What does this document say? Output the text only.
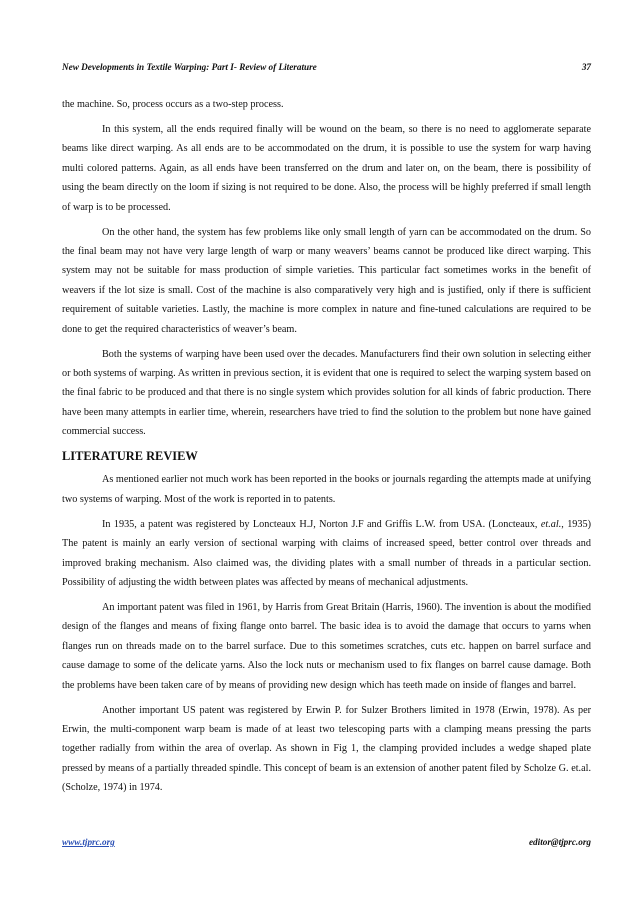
New Developments in Textile Warping: Part I- Review of Literature	37

the machine. So, process occurs as a two-step process.

In this system, all the ends required finally will be wound on the beam, so there is no need to agglomerate separate beams like direct warping. As all ends are to be accommodated on the drum, it is possible to use the system for warp having multi colored patterns. Again, as all ends have been transferred on the drum and later on, on the beam, there is possibility of using the beam directly on the loom if sizing is not required to be done. Also, the process will be highly preferred if small length of warp is to be processed.

On the other hand, the system has few problems like only small length of yarn can be accommodated on the drum. So the final beam may not have very large length of warp or many weavers’ beams cannot be produced like direct warping. This system may not be suitable for mass production of simple varieties. This particular fact sometimes works in the benefit of weavers if the lot size is small. Cost of the machine is also comparatively very high and is justified, only if there is sufficient requirement of suitable varieties. Lastly, the machine is more complex in nature and fine-tuned calculations are required to be done to get the required characteristics of weaver’s beam.

Both the systems of warping have been used over the decades. Manufacturers find their own solution in selecting either or both systems of warping. As written in previous section, it is evident that one is required to select the warping system based on the final fabric to be produced and that there is no single system which provides solution for all kinds of fabric production. There have been many attempts in earlier time, wherein, researchers have tried to find the solution to the problem but none have gained commercial success.

LITERATURE REVIEW

As mentioned earlier not much work has been reported in the books or journals regarding the attempts made at unifying two systems of warping. Most of the work is reported in to patents.

In 1935, a patent was registered by Loncteaux H.J, Norton J.F and Griffis L.W. from USA. (Loncteaux, et.al., 1935) The patent is mainly an early version of sectional warping with claims of increased speed, better control over threads and improved braking mechanism. Also claimed was, the dividing plates with a small number of threads in a particular section. Possibility of adjusting the width between plates was affected by means of mechanical adjustments.

An important patent was filed in 1961, by Harris from Great Britain (Harris, 1960). The invention is about the modified design of the flanges and means of fixing flange onto barrel. The basic idea is to avoid the damage that occurs to yarns when flanges run on threads made on to the barrel surface. Due to this sometimes scratches, cuts etc. happen on barrel surface and cause damage to some of the delicate yarns. Also the lock nuts or mechanism used to fix flanges on barrel cause damage. Both the problems have been taken care of by means of providing new design which has teeth made on inside of flanges and barrel.

Another important US patent was registered by Erwin P. for Sulzer Brothers limited in 1978 (Erwin, 1978). As per Erwin, the multi-component warp beam is made of at least two telescoping parts with a clamping means pressing the parts together radially from within the area of overlap. As shown in Fig 1, the clamping provided includes a wedge shaped plate pressed by means of a partially threaded spindle. This concept of beam is an extension of another patent filed by Scholze G. et.al. (Scholze, 1974) in 1974.

www.tjprc.org	editor@tjprc.org
